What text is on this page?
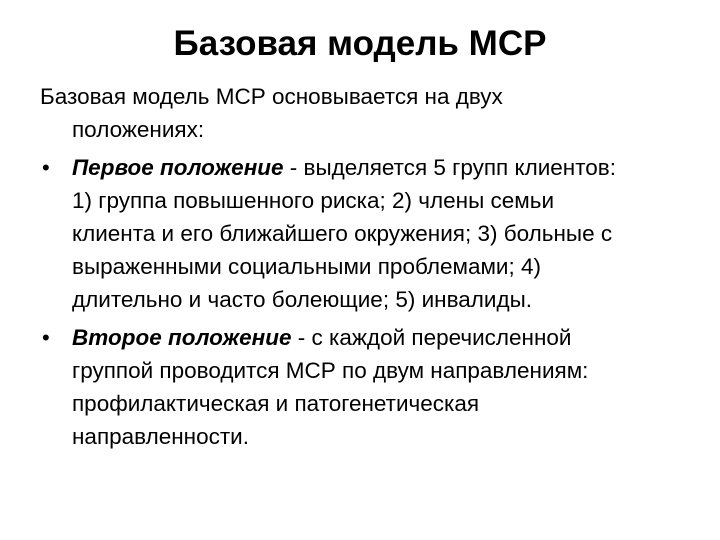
Базовая модель МСР

Базовая модель МСР основывается на двух положениях:

• Первое положение - выделяется 5 групп клиентов: 1) группа повышенного риска; 2) члены семьи клиента и его ближайшего окружения; 3) больные с выраженными социальными проблемами; 4) длительно и часто болеющие; 5) инвалиды.
• Второе положение - с каждой перечисленной группой проводится МСР по двум направлениям: профилактическая и патогенетическая направленности.
